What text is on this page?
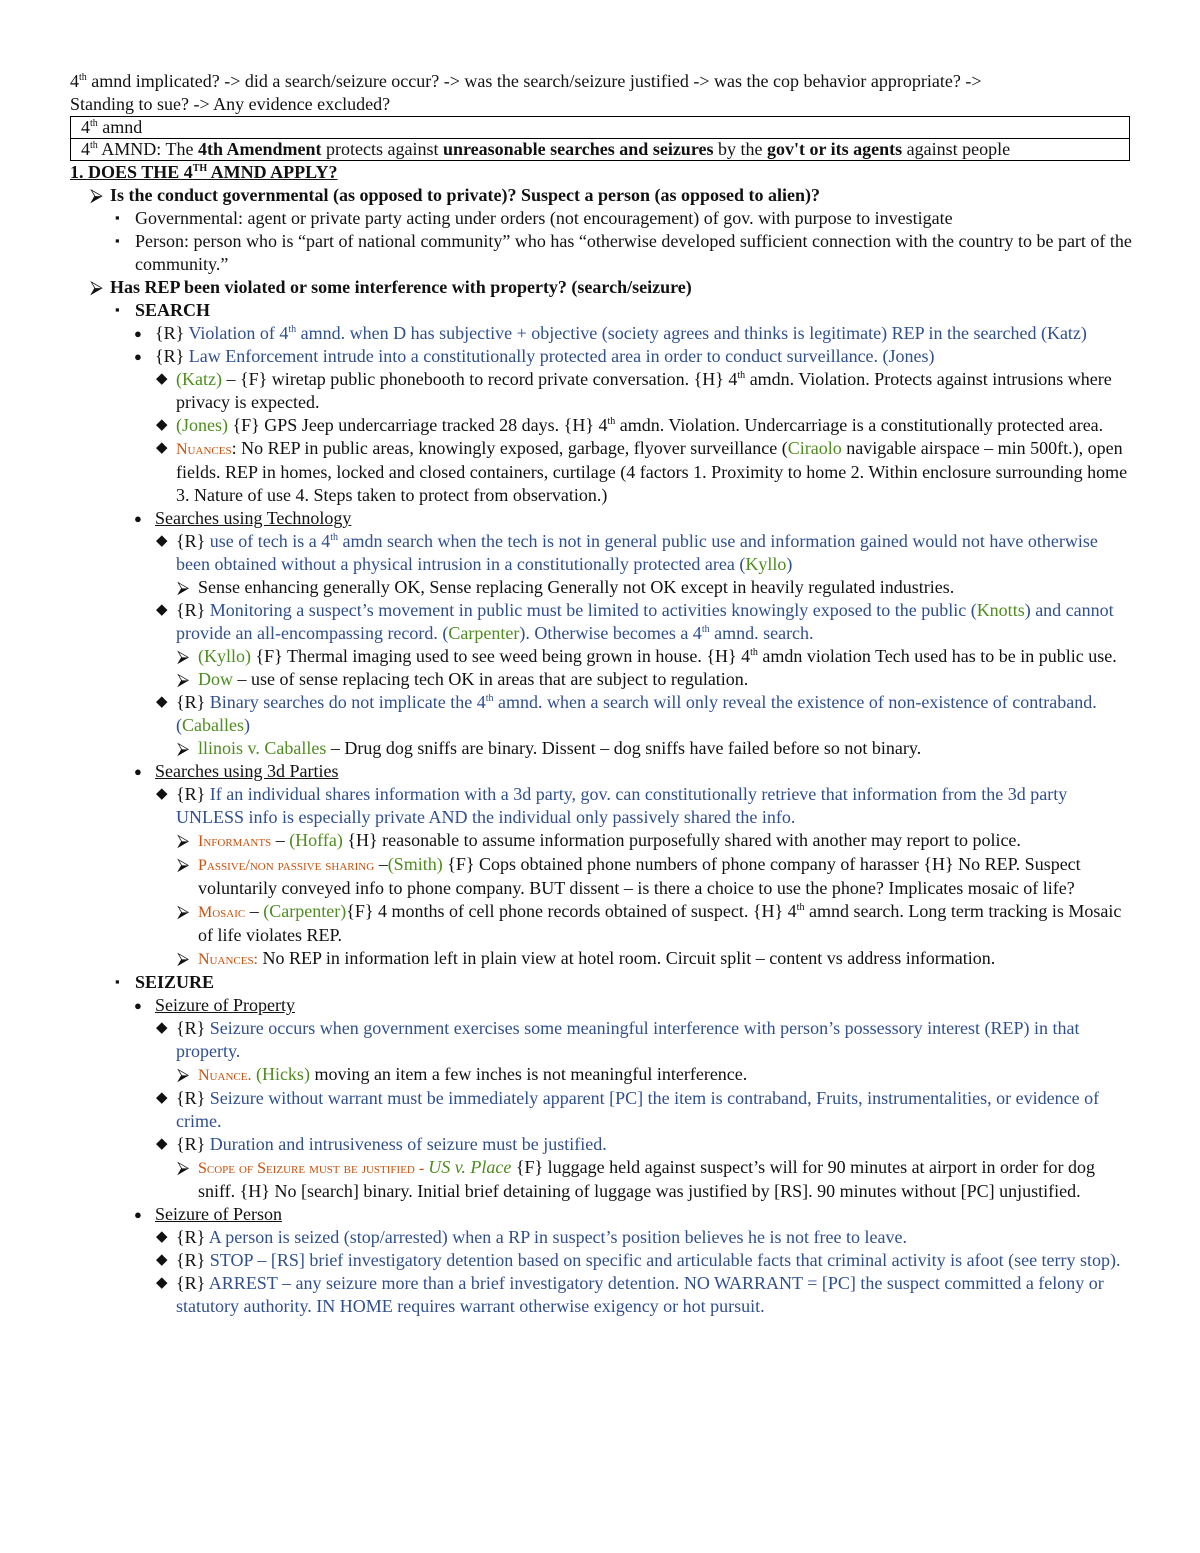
4th amnd implicated? -> did a search/seizure occur? -> was the search/seizure justified -> was the cop behavior appropriate? ->

Standing to sue? -> Any evidence excluded?

4th amnd
4th AMND: The 4th Amendment protects against unreasonable searches and seizures by the gov't or its agents against people

1. DOES THE 4TH AMND APPLY?

⮚ Is the conduct governmental (as opposed to private)? Suspect a person (as opposed to alien)?
▪ Governmental: agent or private party acting under orders (not encouragement) of gov. with purpose to investigate
▪ Person: person who is “part of national community” who has “otherwise developed sufficient connection with the country to be part of the community.”
⮚ Has REP been violated or some interference with property? (search/seizure)
▪ SEARCH
● {R} Violation of 4th amnd. when D has subjective + objective (society agrees and thinks is legitimate) REP in the searched (Katz)
● {R} Law Enforcement intrude into a constitutionally protected area in order to conduct surveillance. (Jones)
◆ (Katz) – {F} wiretap public phonebooth to record private conversation. {H} 4th amdn. Violation. Protects against intrusions where privacy is expected.
◆ (Jones) {F} GPS Jeep undercarriage tracked 28 days. {H} 4th amdn. Violation. Undercarriage is a constitutionally protected area.
◆ Nuances: No REP in public areas, knowingly exposed, garbage, flyover surveillance (Ciraolo navigable airspace – min 500ft.), open fields. REP in homes, locked and closed containers, curtilage (4 factors 1. Proximity to home 2. Within enclosure surrounding home 3. Nature of use 4. Steps taken to protect from observation.)
● Searches using Technology
◆ {R} use of tech is a 4th amdn search when the tech is not in general public use and information gained would not have otherwise been obtained without a physical intrusion in a constitutionally protected area (Kyllo)
⮚ Sense enhancing generally OK, Sense replacing Generally not OK except in heavily regulated industries.
◆ {R} Monitoring a suspect’s movement in public must be limited to activities knowingly exposed to the public (Knotts) and cannot provide an all-encompassing record. (Carpenter). Otherwise becomes a 4th amnd. search.
⮚ (Kyllo) {F} Thermal imaging used to see weed being grown in house. {H} 4th amdn violation Tech used has to be in public use.
⮚ Dow – use of sense replacing tech OK in areas that are subject to regulation.
◆ {R} Binary searches do not implicate the 4th amnd. when a search will only reveal the existence of non-existence of contraband. (Caballes)
⮚ llinois v. Caballes – Drug dog sniffs are binary. Dissent – dog sniffs have failed before so not binary.
● Searches using 3d Parties
◆ {R} If an individual shares information with a 3d party, gov. can constitutionally retrieve that information from the 3d party UNLESS info is especially private AND the individual only passively shared the info.
⮚ Informants – (Hoffa) {H} reasonable to assume information purposefully shared with another may report to police.
⮚ Passive/non passive sharing –(Smith) {F} Cops obtained phone numbers of phone company of harasser {H} No REP. Suspect voluntarily conveyed info to phone company. BUT dissent – is there a choice to use the phone? Implicates mosaic of life?
⮚ Mosaic – (Carpenter){F} 4 months of cell phone records obtained of suspect. {H} 4th amnd search. Long term tracking is Mosaic of life violates REP.
⮚ Nuances: No REP in information left in plain view at hotel room. Circuit split – content vs address information.
▪ SEIZURE
● Seizure of Property
◆ {R} Seizure occurs when government exercises some meaningful interference with person’s possessory interest (REP) in that property.
⮚ Nuance. (Hicks) moving an item a few inches is not meaningful interference.
◆ {R} Seizure without warrant must be immediately apparent [PC] the item is contraband, Fruits, instrumentalities, or evidence of crime.
◆ {R} Duration and intrusiveness of seizure must be justified.
⮚ Scope of Seizure must be justified - US v. Place {F} luggage held against suspect’s will for 90 minutes at airport in order for dog sniff. {H} No [search] binary. Initial brief detaining of luggage was justified by [RS]. 90 minutes without [PC] unjustified.
● Seizure of Person
◆ {R} A person is seized (stop/arrested) when a RP in suspect’s position believes he is not free to leave.
◆ {R} STOP – [RS] brief investigatory detention based on specific and articulable facts that criminal activity is afoot (see terry stop).
◆ {R} ARREST – any seizure more than a brief investigatory detention. NO WARRANT = [PC] the suspect committed a felony or statutory authority. IN HOME requires warrant otherwise exigency or hot pursuit.
